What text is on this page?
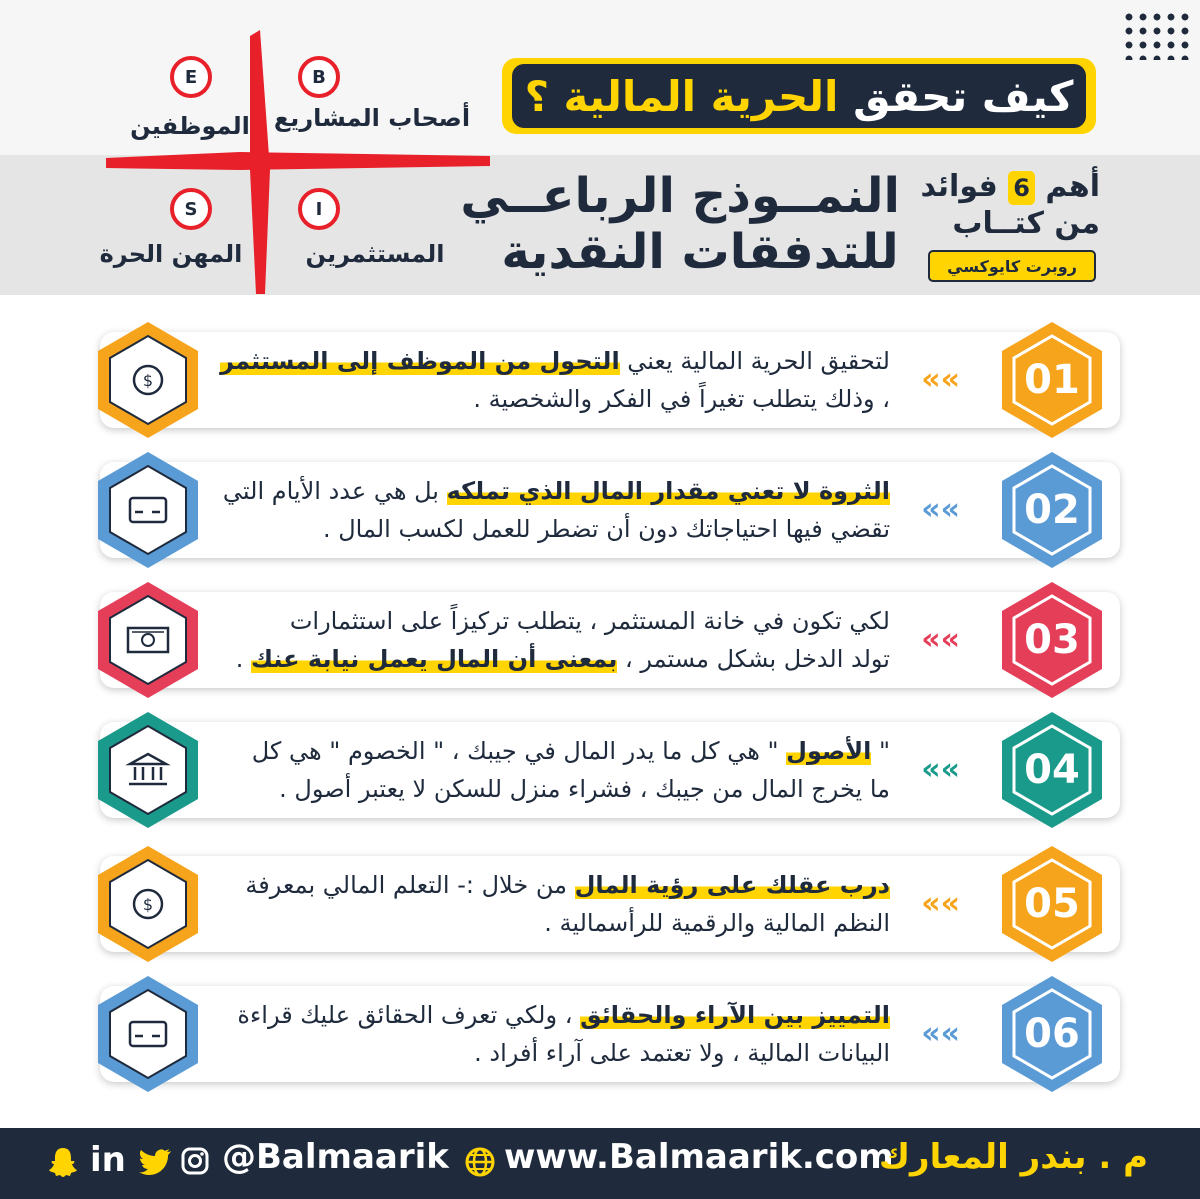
كيف تحقق

الحرية المالية ؟
النمــوذج الرباعــي
للتدفقات النقدية
أهم 6 فوائد
من كتــاب
روبرت كايوكسي
E
الموظفين
B
أصحاب المشاريع
S
المهن الحرة
I
المستثمرين
$
لتحقيق الحرية المالية يعني التحول من الموظف إلى المستثمر
، وذلك يتطلب تغيراً في الفكر والشخصية .
««	01
الثروة لا تعني مقدار المال الذي تملكه بل هي عدد الأيام التي
تقضي فيها احتياجاتك دون أن تضطر للعمل لكسب المال .
««	02
لكي تكون في خانة المستثمر ، يتطلب تركيزاً على استثمارات
تولد الدخل بشكل مستمر ، بمعنى أن المال يعمل نيابة عنك .
««	03
" الأصول " هي كل ما يدر المال في جيبك ، " الخصوم " هي كل
ما يخرج المال من جيبك ، فشراء منزل للسكن لا يعتبر أصول .
««	04
$
درب عقلك على رؤية المال من خلال :- التعلم المالي بمعرفة
النظم المالية والرقمية للرأسمالية .
««	05
التمييز بين الآراء والحقائق ، ولكي تعرف الحقائق عليك قراءة
البيانات المالية ، ولا تعتمد على آراء أفراد .
««	06
in	@Balmaarik www.Balmaarik.com
م . بندر المعارك
